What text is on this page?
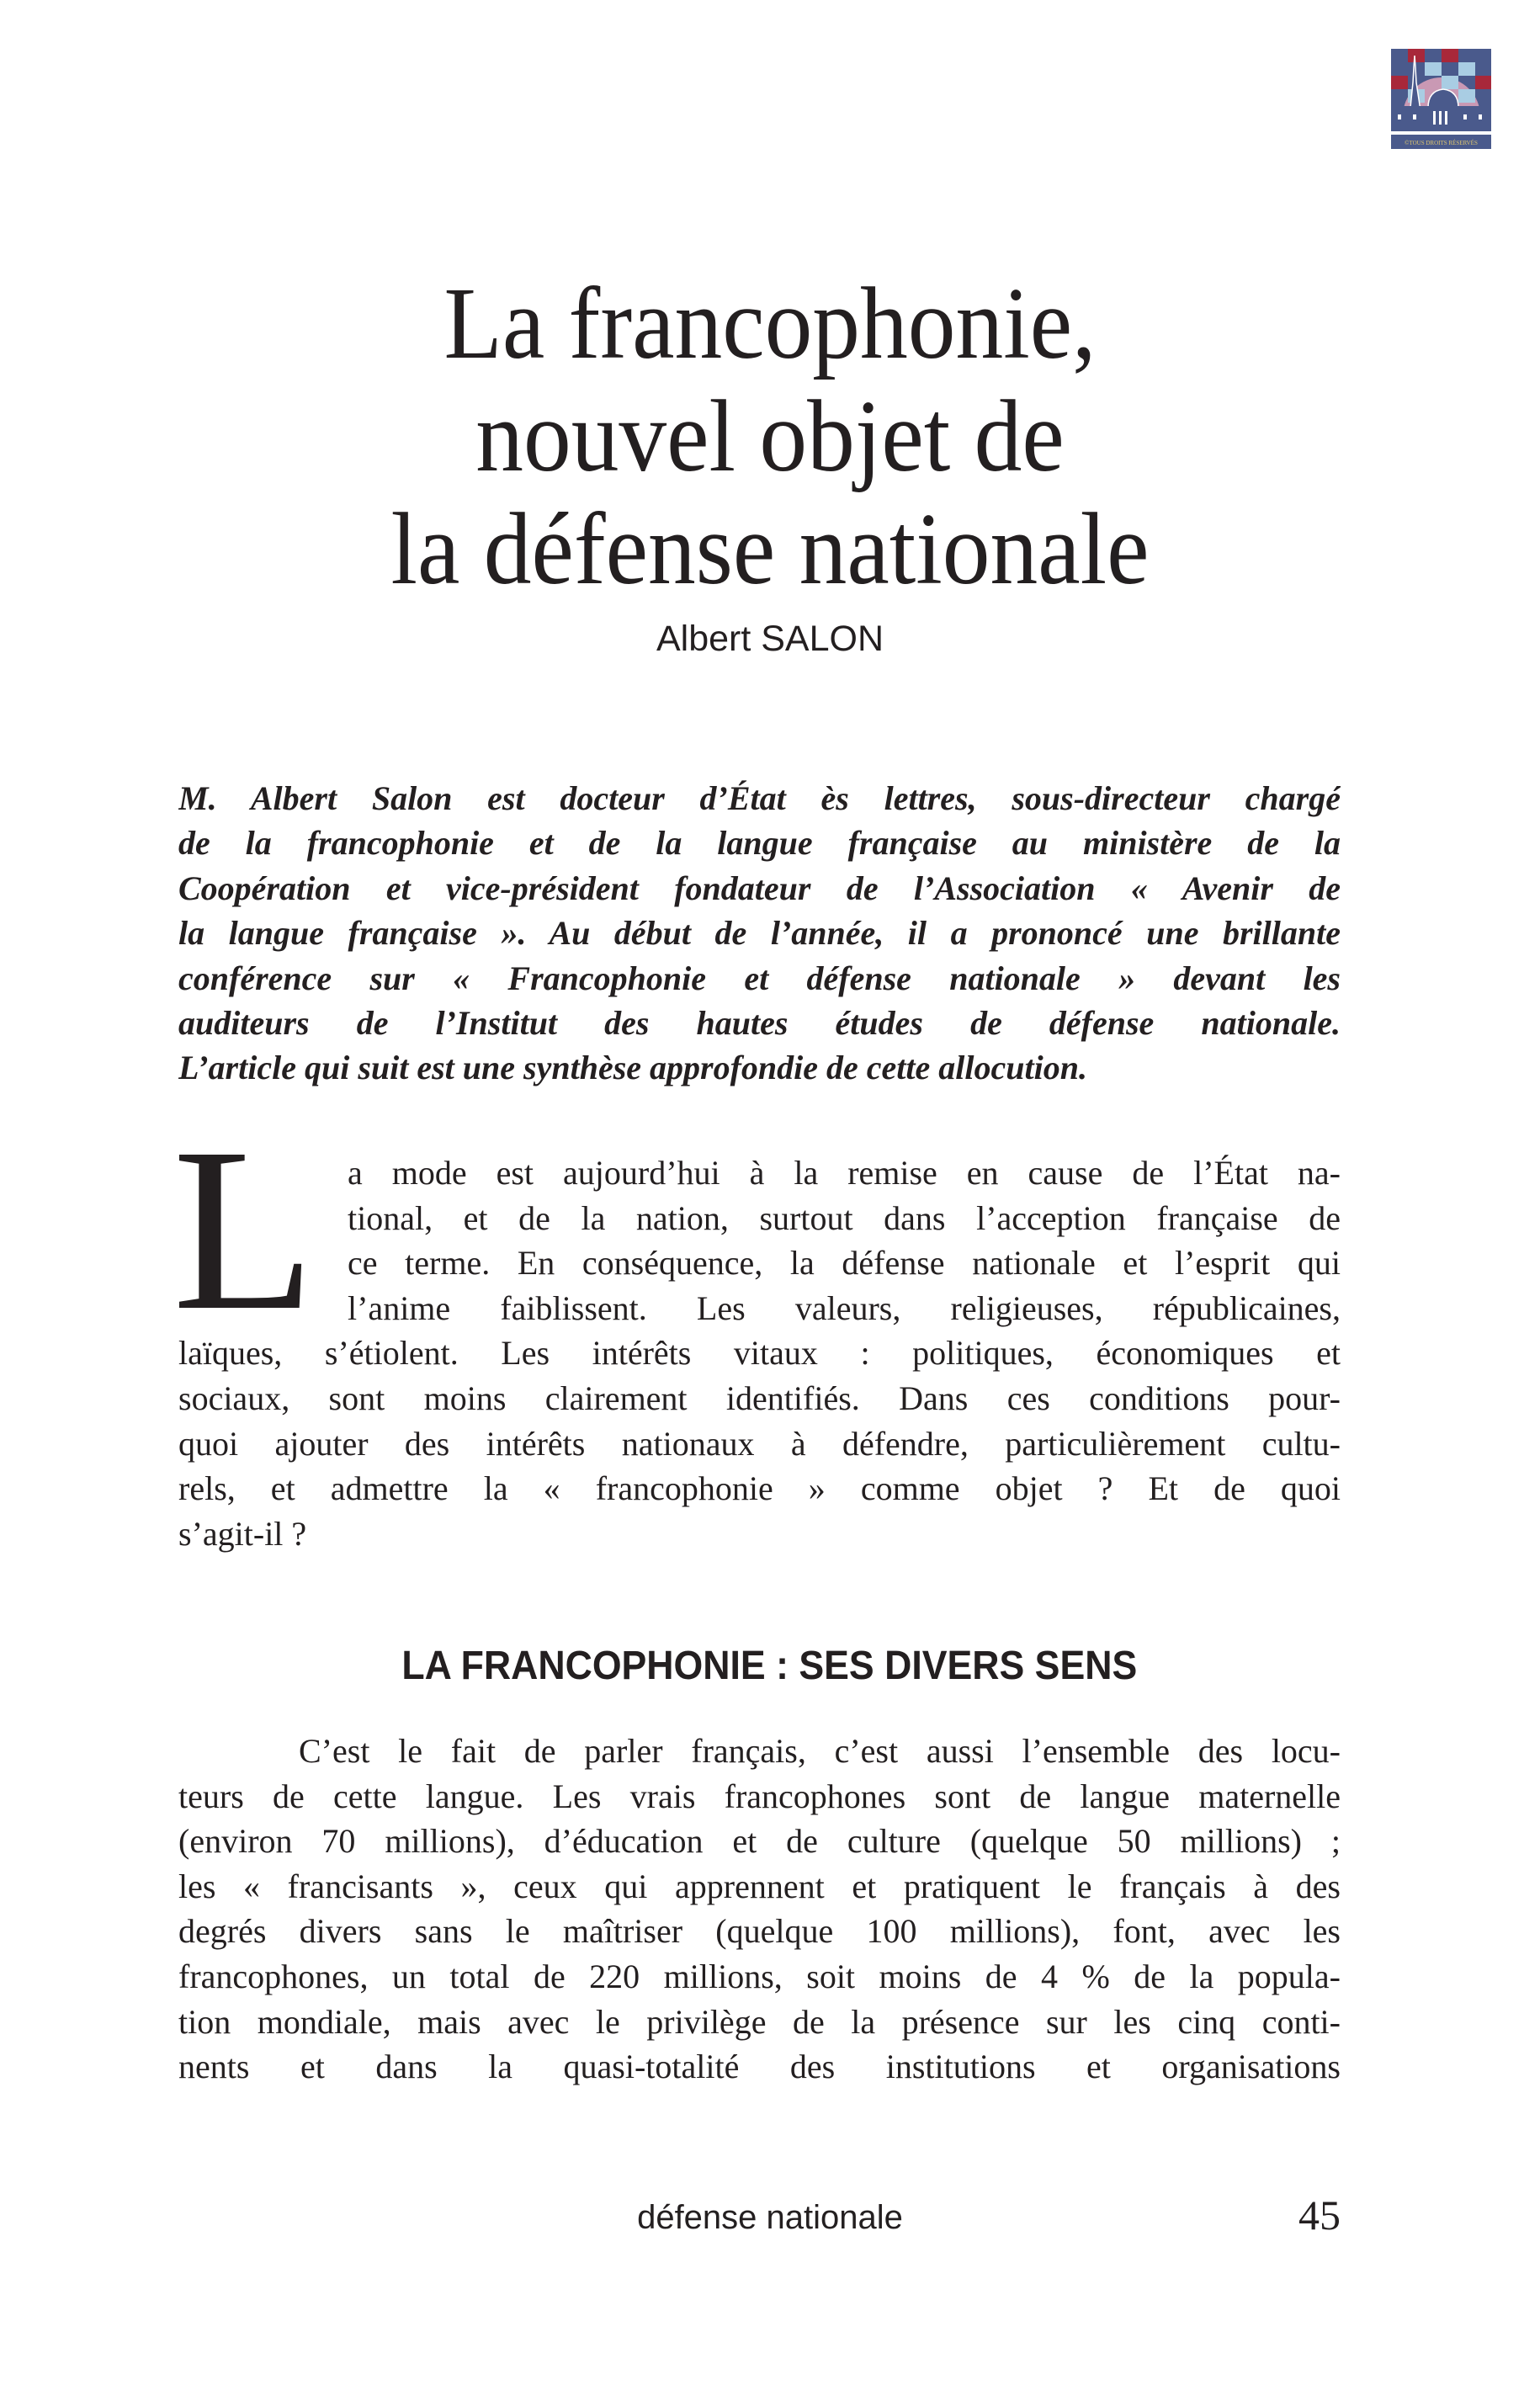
©TOUS DROITS RÉSERVÉS
La francophonie,
nouvel objet de
la défense nationale
Albert SALON
M. Albert Salon est docteur d’État ès lettres, sous-directeur chargé
de la francophonie et de la langue française au ministère de la
Coopération et vice-président fondateur de l’Association « Avenir de
la langue française ». Au début de l’année, il a prononcé une brillante
conférence sur « Francophonie et défense nationale » devant les
auditeurs de l’Institut des hautes études de défense nationale.
L’article qui suit est une synthèse approfondie de cette allocution.
L a mode est aujourd’hui à la remise en cause de l’État na-
tional, et de la nation, surtout dans l’acception française de
ce terme. En conséquence, la défense nationale et l’esprit qui
l’anime faiblissent. Les valeurs, religieuses, républicaines,
laïques, s’étiolent. Les intérêts vitaux : politiques, économiques et
sociaux, sont moins clairement identifiés. Dans ces conditions pour-
quoi ajouter des intérêts nationaux à défendre, particulièrement cultu-
rels, et admettre la « francophonie » comme objet ? Et de quoi
s’agit-il ?
LA FRANCOPHONIE : SES DIVERS SENS
C’est le fait de parler français, c’est aussi l’ensemble des locu-
teurs de cette langue. Les vrais francophones sont de langue maternelle
(environ 70 millions), d’éducation et de culture (quelque 50 millions) ;
les « francisants », ceux qui apprennent et pratiquent le français à des
degrés divers sans le maîtriser (quelque 100 millions), font, avec les
francophones, un total de 220 millions, soit moins de 4 % de la popula-
tion mondiale, mais avec le privilège de la présence sur les cinq conti-
nents et dans la quasi-totalité des institutions et organisations
défense nationale	45
